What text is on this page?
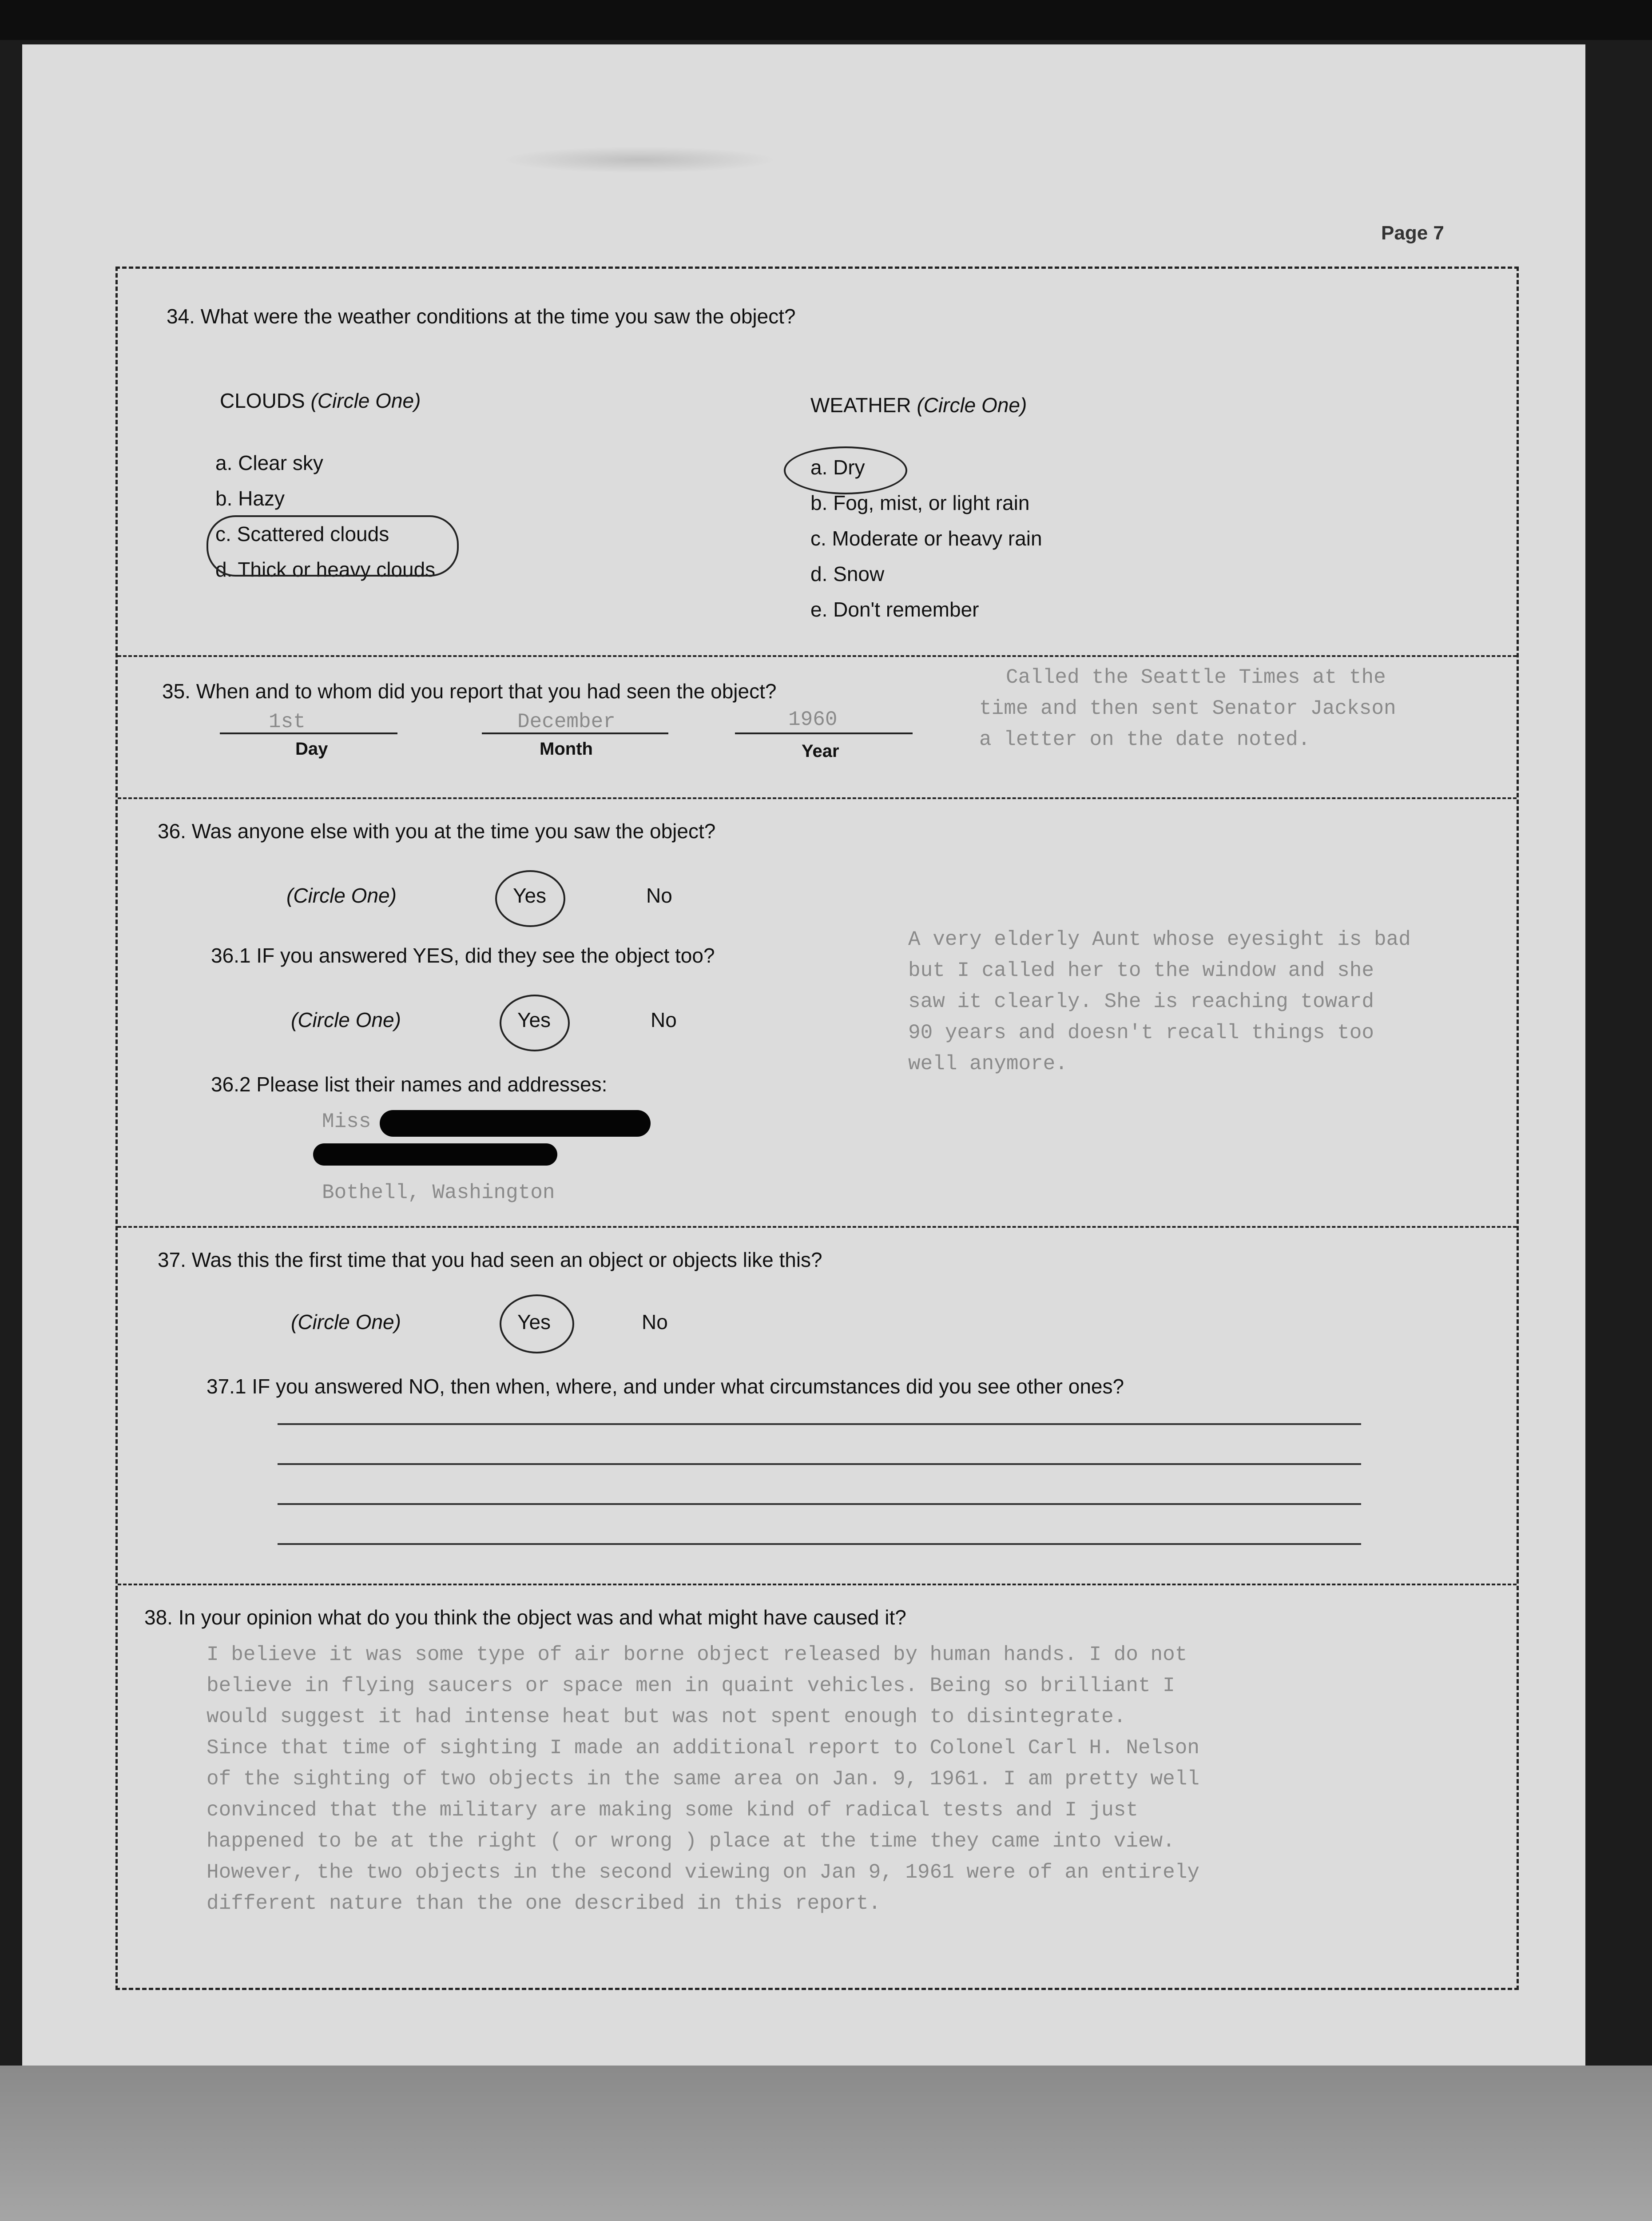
Page 7
34. What were the weather conditions at the time you saw the object?
CLOUDS (Circle One)
a. Clear sky
b. Hazy
c. Scattered clouds
d. Thick or heavy clouds
WEATHER (Circle One)
a. Dry
b. Fog, mist, or light rain
c. Moderate or heavy rain
d. Snow
e. Don't remember
35. When and to whom did you report that you had seen the object?
1st
Day
December
Month
1960
Year
Called the Seattle Times at the
time and then sent Senator Jackson
a letter on the date noted.
36. Was anyone else with you at the time you saw the object?
(Circle One)	Yes	No
36.1 IF you answered YES, did they see the object too?
(Circle One)	Yes	No
36.2 Please list their names and addresses:
Miss
Bothell, Washington
A very elderly Aunt whose eyesight is bad
but I called her to the window and she
saw it clearly. She is reaching toward
90 years and doesn't recall things too
well anymore.
37. Was this the first time that you had seen an object or objects like this?
(Circle One)	Yes	No
37.1 IF you answered NO, then when, where, and under what circumstances did you see other ones?
38. In your opinion what do you think the object was and what might have caused it?
I believe it was some type of air borne object released by human hands. I do not
believe in flying saucers or space men in quaint vehicles. Being so brilliant I
would suggest it had intense heat but was not spent enough to disintegrate.
Since that time of sighting I made an additional report to Colonel Carl H. Nelson
of the sighting of two objects in the same area on Jan. 9, 1961. I am pretty well
convinced that the military are making some kind of radical tests and I just
happened to be at the right ( or wrong ) place at the time they came into view.
However, the two objects in the second viewing on Jan 9, 1961 were of an entirely
different nature than the one described in this report.
